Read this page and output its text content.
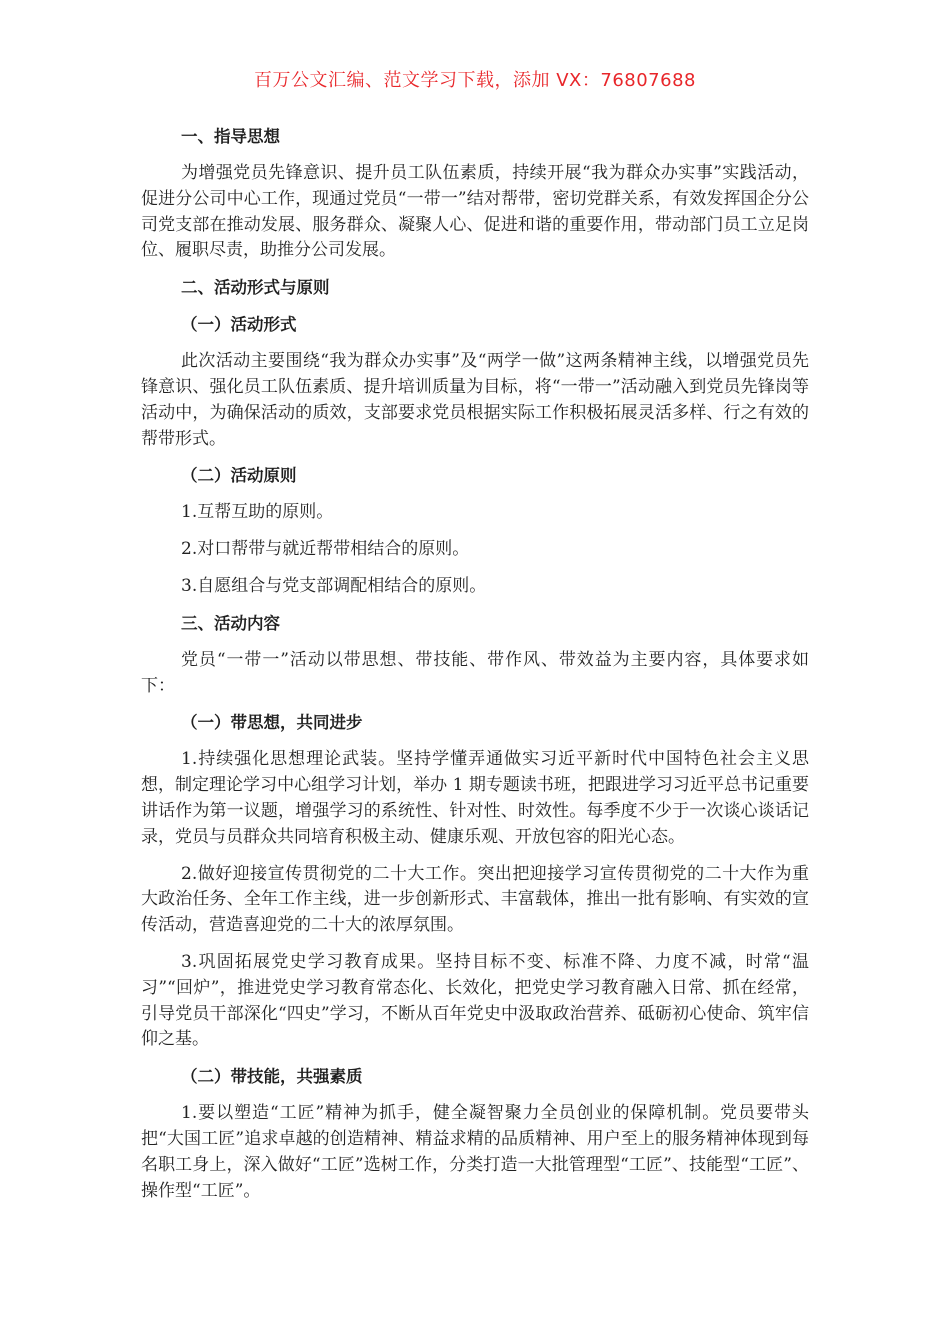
百万公文汇编、范文学习下载，添加 VX：76807688
一、指导思想
为增强党员先锋意识、提升员工队伍素质，持续开展“我为群众办实事”实践活动，促进分公司中心工作，现通过党员“一带一”结对帮带，密切党群关系，有效发挥国企分公司党支部在推动发展、服务群众、凝聚人心、促进和谐的重要作用，带动部门员工立足岗位、履职尽责，助推分公司发展。
二、活动形式与原则
（一）活动形式
此次活动主要围绕“我为群众办实事”及“两学一做”这两条精神主线，以增强党员先锋意识、强化员工队伍素质、提升培训质量为目标，将“一带一”活动融入到党员先锋岗等活动中，为确保活动的质效，支部要求党员根据实际工作积极拓展灵活多样、行之有效的帮带形式。
（二）活动原则
1.互帮互助的原则。
2.对口帮带与就近帮带相结合的原则。
3.自愿组合与党支部调配相结合的原则。
三、活动内容
党员“一带一”活动以带思想、带技能、带作风、带效益为主要内容，具体要求如下：
（一）带思想，共同进步
1.持续强化思想理论武装。坚持学懂弄通做实习近平新时代中国特色社会主义思想，制定理论学习中心组学习计划，举办 1 期专题读书班，把跟进学习习近平总书记重要讲话作为第一议题，增强学习的系统性、针对性、时效性。每季度不少于一次谈心谈话记录，党员与员群众共同培育积极主动、健康乐观、开放包容的阳光心态。
2.做好迎接宣传贯彻党的二十大工作。突出把迎接学习宣传贯彻党的二十大作为重大政治任务、全年工作主线，进一步创新形式、丰富载体，推出一批有影响、有实效的宣传活动，营造喜迎党的二十大的浓厚氛围。
3.巩固拓展党史学习教育成果。坚持目标不变、标准不降、力度不减，时常“温习”“回炉”，推进党史学习教育常态化、长效化，把党史学习教育融入日常、抓在经常，引导党员干部深化“四史”学习，不断从百年党史中汲取政治营养、砥砺初心使命、筑牢信仰之基。
（二）带技能，共强素质
1.要以塑造“工匠”精神为抓手，健全凝智聚力全员创业的保障机制。党员要带头把“大国工匠”追求卓越的创造精神、精益求精的品质精神、用户至上的服务精神体现到每名职工身上，深入做好“工匠”选树工作，分类打造一大批管理型“工匠”、技能型“工匠”、操作型“工匠”。
